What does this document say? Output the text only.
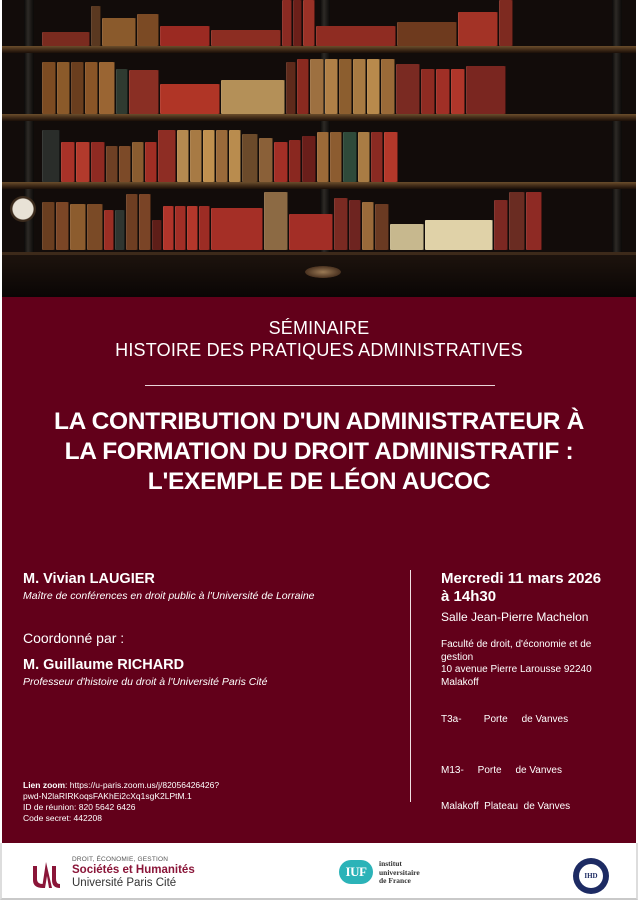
SÉMINAIRE
HISTOIRE DES PRATIQUES ADMINISTRATIVES
LA CONTRIBUTION D'UN ADMINISTRATEUR À
LA FORMATION DU DROIT ADMINISTRATIF :
L'EXEMPLE DE LÉON AUCOC
M. Vivian LAUGIER
Maître de conférences en droit public à l'Université de Lorraine
Coordonné par :
M. Guillaume RICHARD
Professeur d'histoire du droit à l'Université Paris Cité
Lien zoom: https://u-paris.zoom.us/j/82056426426?
pwd-N2laRIRKoqsFAKhEi2cXq1sgK2LPtM.1
ID de réunion: 820 5642 6426
Code secret: 442208
Mercredi 11 mars 2026
à 14h30
Salle Jean-Pierre Machelon
Faculté de droit, d'économie et de
gestion
10 avenue Pierre Larousse 92240
Malakoff
T3a-        Porte     de Vanves

M13-     Porte     de Vanves

Malakoff  Plateau  de Vanves

DROIT, ÉCONOMIE, GESTION
Sociétés et Humanités
Université Paris Cité
IUF
institut
universitaire
de France	IHD
